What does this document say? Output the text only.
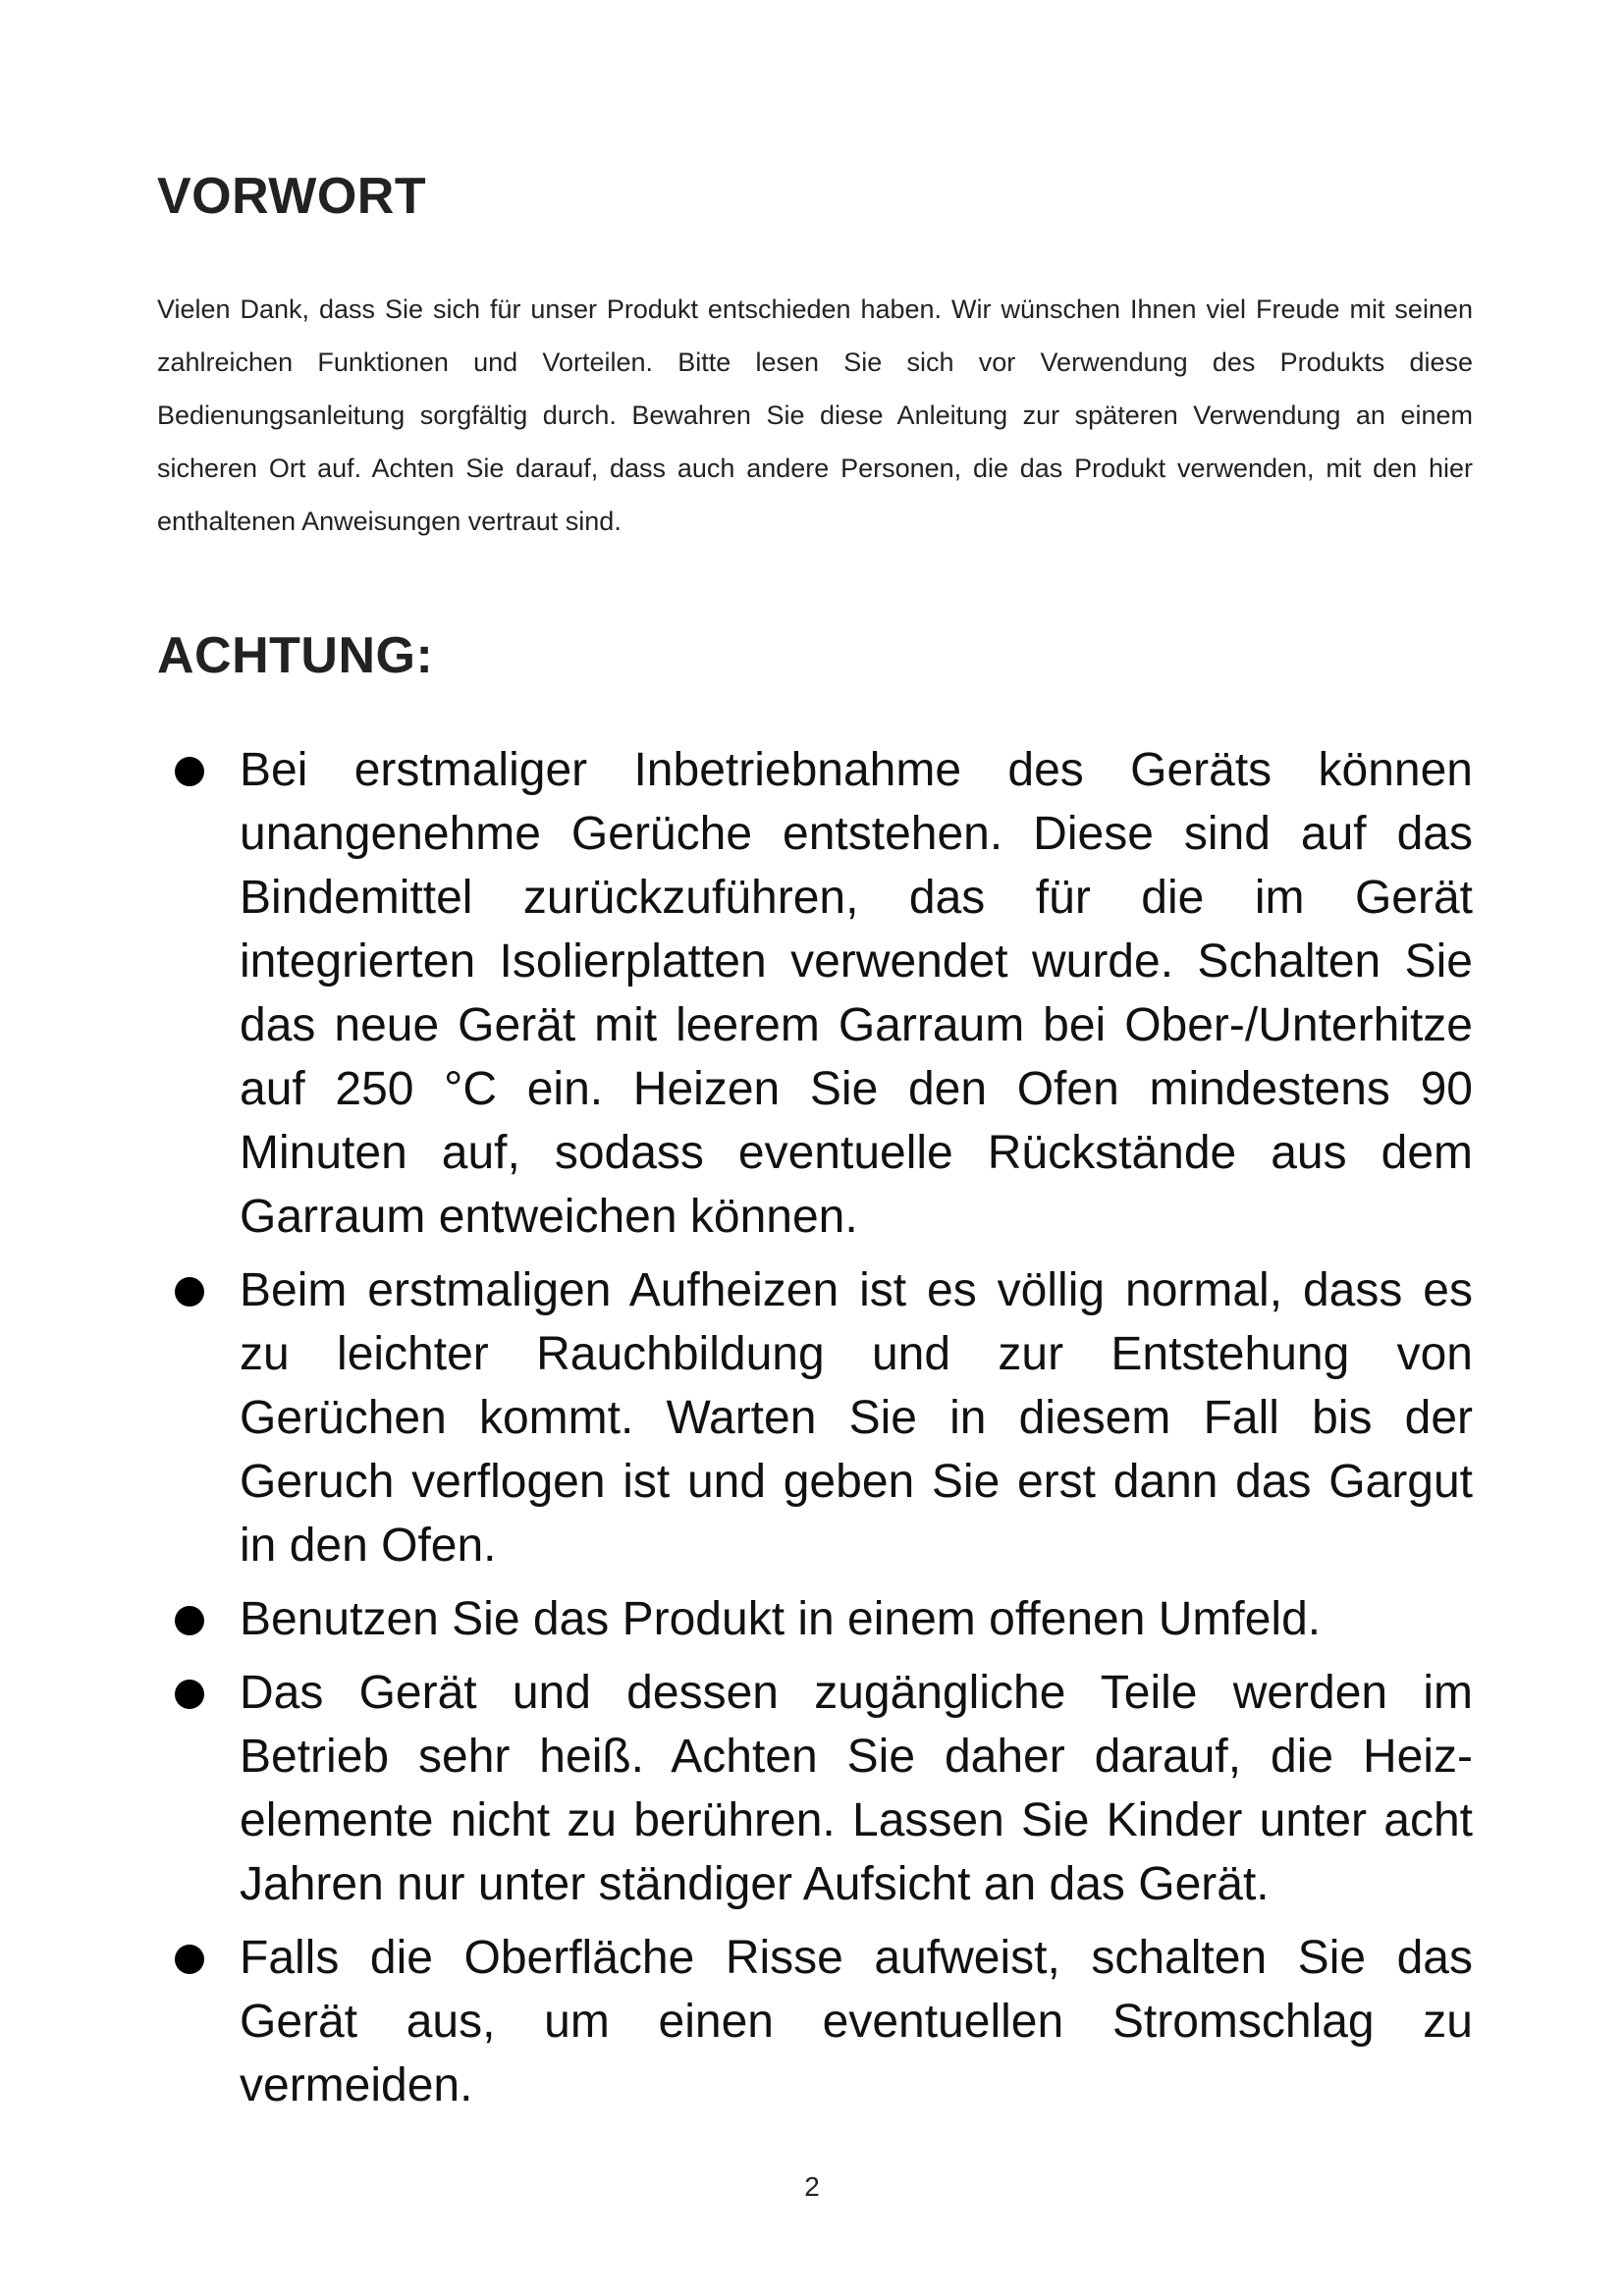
VORWORT

Vielen Dank, dass Sie sich für unser Produkt entschieden haben. Wir wünschen Ihnen viel Freude mit seinen zahlreichen Funktionen und Vorteilen. Bitte lesen Sie sich vor Verwendung des Produkts diese Bedienungsanleitung sorgfältig durch. Bewahren Sie diese Anleitung zur späteren Verwendung an einem sicheren Ort auf. Achten Sie darauf, dass auch andere Personen, die das Produkt verwenden, mit den hier enthaltenen Anweisungen vertraut sind.

ACHTUNG:
Bei erstmaliger Inbetriebnahme des Geräts können unangenehme Gerüche entstehen. Diese sind auf das Bindemittel zurückzuführen, das für die im Gerät integrierten Isolierplatten verwendet wurde. Schalten Sie das neue Gerät mit leerem Garraum bei Ober-/Unterhitze auf 250 °C ein. Heizen Sie den Ofen mindestens 90 Minuten auf, sodass eventuelle Rückstände aus dem Garraum entweichen können.
Beim erstmaligen Aufheizen ist es völlig normal, dass es zu leichter Rauchbildung und zur Entstehung von Gerüchen kommt. Warten Sie in diesem Fall bis der Geruch verflogen ist und geben Sie erst dann das Gargut in den Ofen.
Benutzen Sie das Produkt in einem offenen Umfeld.
Das Gerät und dessen zugängliche Teile werden im Betrieb sehr heiß. Achten Sie daher darauf, die Heiz-elemente nicht zu berühren. Lassen Sie Kinder unter acht Jahren nur unter ständiger Aufsicht an das Gerät.
Falls die Oberfläche Risse aufweist, schalten Sie das Gerät aus, um einen eventuellen Stromschlag zu vermeiden.

2
